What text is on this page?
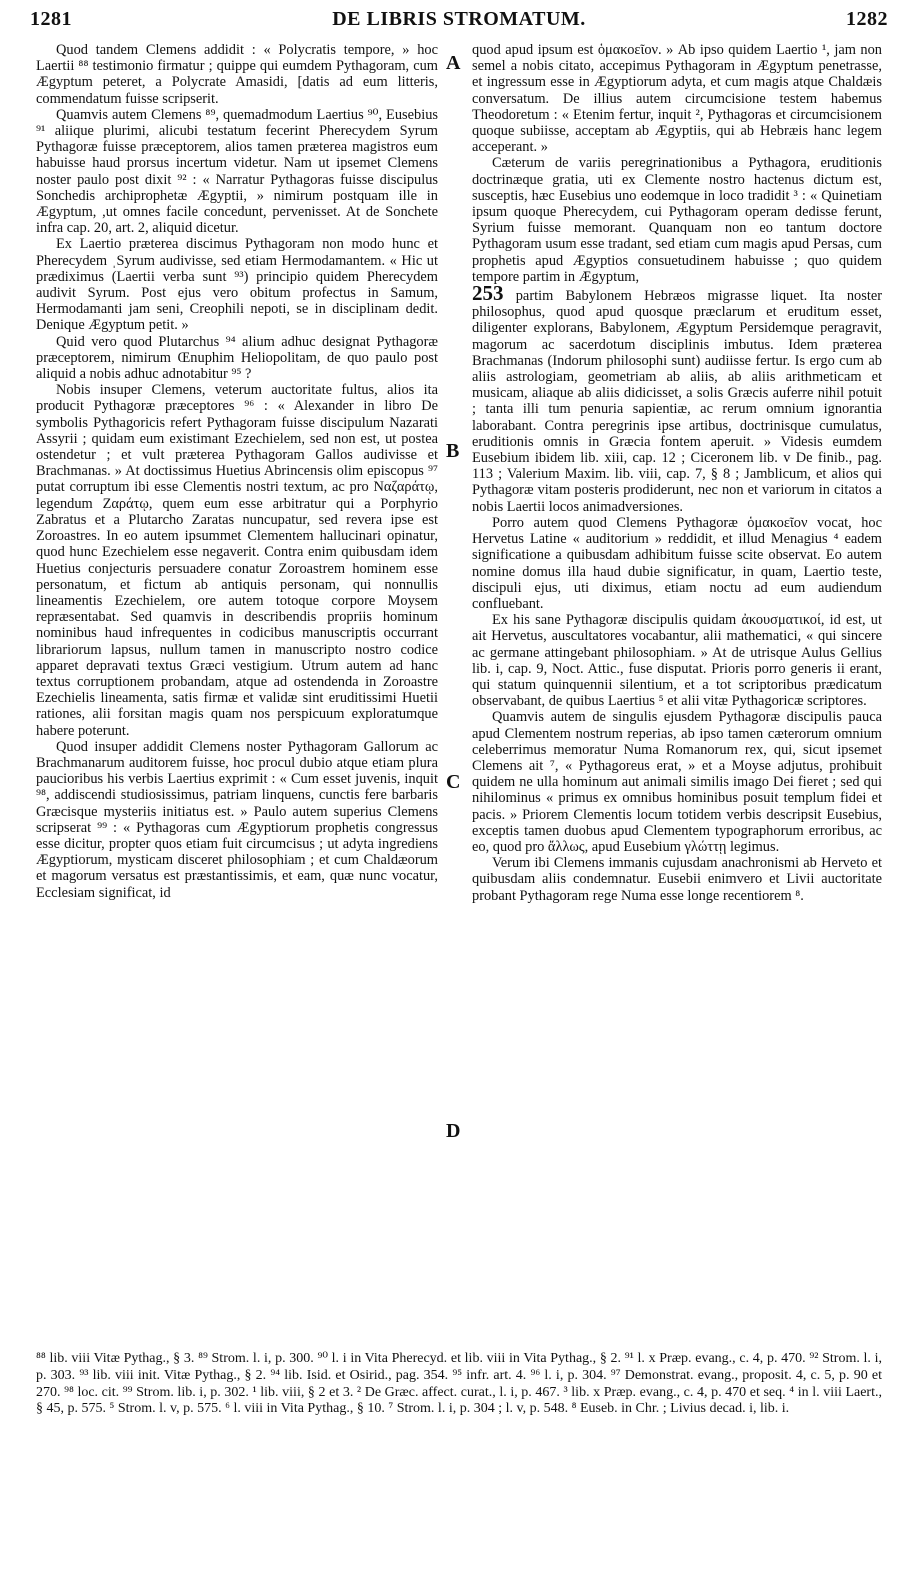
1281	DE LIBRIS STROMATUM.	1282

Quod tandem Clemens addidit : « Polycratis tempore, » hoc Laertii ⁸⁸ testimonio firmatur ; quippe qui eumdem Pythagoram, cum Ægyptum peteret, a Polycrate Amasidi, [datis ad eum litteris, commendatum fuisse scripserit.

Quamvis autem Clemens ⁸⁹, quemadmodum Laertius ⁹⁰, Eusebius ⁹¹ aliique plurimi, alicubi testatum fecerint Pherecydem Syrum Pythagoræ fuisse præceptorem, alios tamen præterea magistros eum habuisse haud prorsus incertum videtur. Nam ut ipsemet Clemens noster paulo post dixit ⁹² : « Narratur Pythagoras fuisse discipulus Sonchedis archiprophetæ Ægyptii, » nimirum postquam ille in Ægyptum, ,ut omnes facile concedunt, pervenisset. At de Sonchete infra cap. 20, art. 2, aliquid dicetur.

Ex Laertio præterea discimus Pythagoram non modo hunc et Pherecydem ˌSyrum audivisse, sed etiam Hermodamantem. « Hic ut prædiximus (Laertii verba sunt ⁹³) principio quidem Pherecydem audivit Syrum. Post ejus vero obitum profectus in Samum, Hermodamanti jam seni, Creophili nepoti, se in disciplinam dedit. Denique Ægyptum petit. »

Quid vero quod Plutarchus ⁹⁴ alium adhuc designat Pythagoræ præceptorem, nimirum Œnuphim Heliopolitam, de quo paulo post aliquid a nobis adhuc adnotabitur ⁹⁵ ?

Nobis insuper Clemens, veterum auctoritate fultus, alios ita producit Pythagoræ præceptores ⁹⁶ : « Alexander in libro De symbolis Pythagoricis refert Pythagoram fuisse discipulum Nazarati Assyrii ; quidam eum existimant Ezechielem, sed non est, ut postea ostendetur ; et vult præterea Pythagoram Gallos audivisse et Brachmanas. » At doctissimus Huetius Abrincensis olim episcopus ⁹⁷ putat corruptum ibi esse Clementis nostri textum, ac pro Ναζαράτῳ, legendum Ζαράτῳ, quem eum esse arbitratur qui a Porphyrio Zabratus et a Plutarcho Zaratas nuncupatur, sed revera ipse est Zoroastres. In eo autem ipsummet Clementem hallucinari opinatur, quod hunc Ezechielem esse negaverit. Contra enim quibusdam idem Huetius conjecturis persuadere conatur Zoroastrem hominem esse personatum, et fictum ab antiquis personam, qui nonnullis lineamentis Ezechielem, ore autem totoque corpore Moysem repræsentabat. Sed quamvis in describendis propriis hominum nominibus haud infrequentes in codicibus manuscriptis occurrant librariorum lapsus, nullum tamen in manuscripto nostro codice apparet depravati textus Græci vestigium. Utrum autem ad hanc textus corruptionem probandam, atque ad ostendenda in Zoroastre Ezechielis lineamenta, satis firmæ et validæ sint eruditissimi Huetii rationes, alii forsitan magis quam nos perspicuum exploratumque habere poterunt.

Quod insuper addidit Clemens noster Pythagoram Gallorum ac Brachmanarum auditorem fuisse, hoc procul dubio atque etiam plura paucioribus his verbis Laertius exprimit : « Cum esset juvenis, inquit ⁹⁸, addiscendi studiosissimus, patriam linquens, cunctis fere barbaris Græcisque mysteriis initiatus est. » Paulo autem superius Clemens scripserat ⁹⁹ : « Pythagoras cum Ægyptiorum prophetis congressus esse dicitur, propter quos etiam fuit circumcisus ; ut adyta ingrediens Ægyptiorum, mysticam disceret philosophiam ; et cum Chaldæorum et magorum versatus est præstantissimis, et eam, quæ nunc vocatur, Ecclesiam significat, id

A
B
C
D

quod apud ipsum est ὁμακοεῖον. » Ab ipso quidem Laertio ¹, jam non semel a nobis citato, accepimus Pythagoram in Ægyptum penetrasse, et ingressum esse in Ægyptiorum adyta, et cum magis atque Chaldæis conversatum. De illius autem circumcisione testem habemus Theodoretum : « Etenim fertur, inquit ², Pythagoras et circumcisionem quoque subiisse, acceptam ab Ægyptiis, qui ab Hebræis hanc legem acceperant. »

Cæterum de variis peregrinationibus a Pythagora, eruditionis doctrinæque gratia, uti ex Clemente nostro hactenus dictum est, susceptis, hæc Eusebius uno eodemque in loco tradidit ³ : « Quinetiam ipsum quoque Pherecydem, cui Pythagoram operam dedisse ferunt, Syrium fuisse memorant. Quanquam non eo tantum doctore Pythagoram usum esse tradant, sed etiam cum magis apud Persas, cum prophetis apud Ægyptios consuetudinem habuisse ; quo quidem tempore partim in Ægyptum,

253 partim Babylonem Hebræos migrasse liquet. Ita noster philosophus, quod apud quosque præclarum et eruditum esset, diligenter explorans, Babylonem, Ægyptum Persidemque peragravit, magorum ac sacerdotum disciplinis imbutus. Idem præterea Brachmanas (Indorum philosophi sunt) audiisse fertur. Is ergo cum ab aliis astrologiam, geometriam ab aliis, ab aliis arithmeticam et musicam, aliaque ab aliis didicisset, a solis Græcis auferre nihil potuit ; tanta illi tum penuria sapientiæ, ac rerum omnium ignorantia laborabant. Contra peregrinis ipse artibus, doctrinisque cumulatus, eruditionis omnis in Græcia fontem aperuit. » Videsis eumdem Eusebium ibidem lib. xiii, cap. 12 ; Ciceronem lib. v De finib., pag. 113 ; Valerium Maxim. lib. viii, cap. 7, § 8 ; Jamblicum, et alios qui Pythagoræ vitam posteris prodiderunt, nec non et variorum in citatos a nobis Laertii locos animadversiones.

Porro autem quod Clemens Pythagoræ ὁμακοεῖον vocat, hoc Hervetus Latine « auditorium » reddidit, et illud Menagius ⁴ eadem significatione a quibusdam adhibitum fuisse scite observat. Eo autem nomine domus illa haud dubie significatur, in quam, Laertio teste, discipuli ejus, uti diximus, etiam noctu ad eum audiendum confluebant.

Ex his sane Pythagoræ discipulis quidam ἀκουσματικοί, id est, ut ait Hervetus, auscultatores vocabantur, alii mathematici, « qui sincere ac germane attingebant philosophiam. » At de utrisque Aulus Gellius lib. i, cap. 9, Noct. Attic., fuse disputat. Prioris porro generis ii erant, qui statum quinquennii silentium, et a tot scriptoribus prædicatum observabant, de quibus Laertius ⁵ et alii vitæ Pythagoricæ scriptores.

Quamvis autem de singulis ejusdem Pythagoræ discipulis pauca apud Clementem nostrum reperias, ab ipso tamen cæterorum omnium celeberrimus memoratur Numa Romanorum rex, qui, sicut ipsemet Clemens ait ⁷, « Pythagoreus erat, » et a Moyse adjutus, prohibuit quidem ne ulla hominum aut animali similis imago Dei fieret ; sed qui nihilominus « primus ex omnibus hominibus posuit templum fidei et pacis. » Priorem Clementis locum totidem verbis descripsit Eusebius, exceptis tamen duobus apud Clementem typographorum erroribus, ac eo, quod pro ἄλλως, apud Eusebium γλώττῃ legimus.

Verum ibi Clemens immanis cujusdam anachronismi ab Herveto et quibusdam aliis condemnatur. Eusebii enimvero et Livii auctoritate probant Pythagoram rege Numa esse longe recentiorem ⁸.

⁸⁸ lib. viii Vitæ Pythag., § 3. ⁸⁹ Strom. l. i, p. 300. ⁹⁰ l. i in Vita Pherecyd. et lib. viii in Vita Pythag., § 2. ⁹¹ l. x Præp. evang., c. 4, p. 470. ⁹² Strom. l. i, p. 303. ⁹³ lib. viii init. Vitæ Pythag., § 2. ⁹⁴ lib. Isid. et Osirid., pag. 354. ⁹⁵ infr. art. 4. ⁹⁶ l. i, p. 304. ⁹⁷ Demonstrat. evang., proposit. 4, c. 5, p. 90 et 270. ⁹⁸ loc. cit. ⁹⁹ Strom. lib. i, p. 302. ¹ lib. viii, § 2 et 3. ² De Græc. affect. curat., l. i, p. 467. ³ lib. x Præp. evang., c. 4, p. 470 et seq. ⁴ in l. viii Laert., § 45, p. 575. ⁵ Strom. l. v, p. 575. ⁶ l. viii in Vita Pythag., § 10. ⁷ Strom. l. i, p. 304 ; l. v, p. 548. ⁸ Euseb. in Chr. ; Livius decad. i, lib. i.
